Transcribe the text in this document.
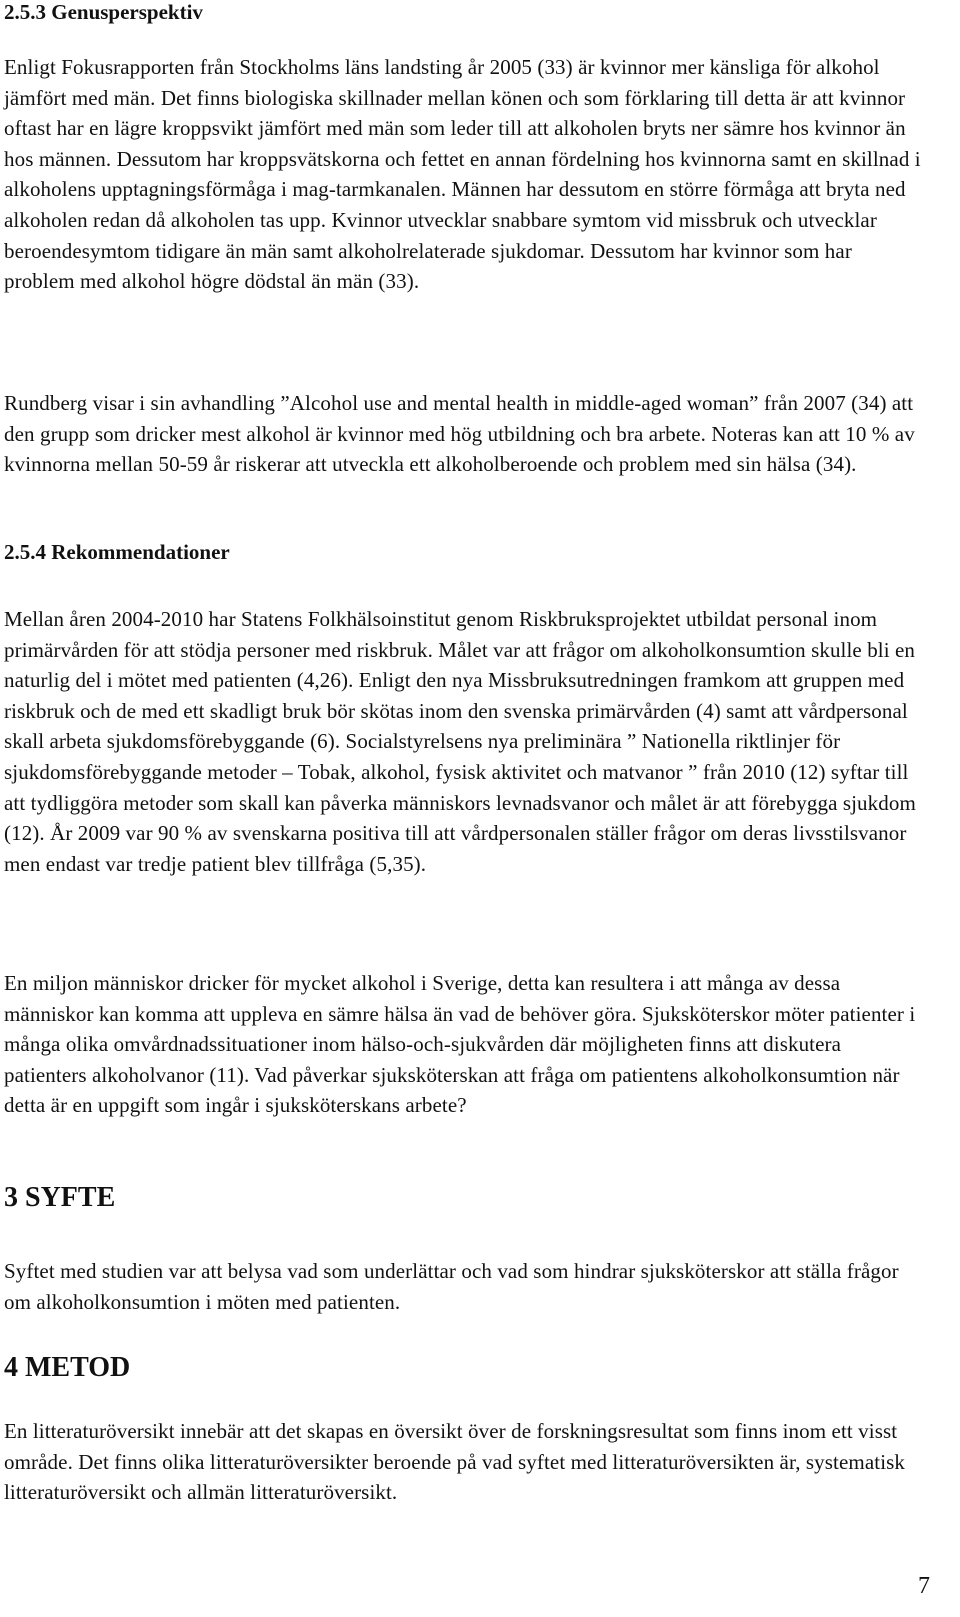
2.5.3 Genusperspektiv

Enligt Fokusrapporten från Stockholms läns landsting år 2005 (33) är kvinnor mer känsliga för alkohol jämfört med män. Det finns biologiska skillnader mellan könen och som förklaring till detta är att kvinnor oftast har en lägre kroppsvikt jämfört med män som leder till att alkoholen bryts ner sämre hos kvinnor än hos männen. Dessutom har kroppsvätskorna och fettet en annan fördelning hos kvinnorna samt en skillnad i alkoholens upptagningsförmåga i mag-tarmkanalen. Männen har dessutom en större förmåga att bryta ned alkoholen redan då alkoholen tas upp. Kvinnor utvecklar snabbare symtom vid missbruk och utvecklar beroendesymtom tidigare än män samt alkoholrelaterade sjukdomar. Dessutom har kvinnor som har problem med alkohol högre dödstal än män (33).

Rundberg visar i sin avhandling ”Alcohol use and mental health in middle-aged woman” från 2007 (34) att den grupp som dricker mest alkohol är kvinnor med hög utbildning och bra arbete. Noteras kan att 10 % av kvinnorna mellan 50-59 år riskerar att utveckla ett alkoholberoende och problem med sin hälsa (34).

2.5.4 Rekommendationer

Mellan åren 2004-2010 har Statens Folkhälsoinstitut genom Riskbruksprojektet utbildat personal inom primärvården för att stödja personer med riskbruk. Målet var att frågor om alkoholkonsumtion skulle bli en naturlig del i mötet med patienten (4,26). Enligt den nya Missbruksutredningen framkom att gruppen med riskbruk och de med ett skadligt bruk bör skötas inom den svenska primärvården (4) samt att vårdpersonal skall arbeta sjukdomsförebyggande (6). Socialstyrelsens nya preliminära ” Nationella riktlinjer för sjukdomsförebyggande metoder – Tobak, alkohol, fysisk aktivitet och matvanor ” från 2010 (12) syftar till att tydliggöra metoder som skall kan påverka människors levnadsvanor och målet är att förebygga sjukdom (12). År 2009 var 90 % av svenskarna positiva till att vårdpersonalen ställer frågor om deras livsstilsvanor men endast var tredje patient blev tillfråga (5,35).

En miljon människor dricker för mycket alkohol i Sverige, detta kan resultera i att många av dessa människor kan komma att uppleva en sämre hälsa än vad de behöver göra. Sjuksköterskor möter patienter i många olika omvårdnadssituationer inom hälso-och-sjukvården där möjligheten finns att diskutera patienters alkoholvanor (11). Vad påverkar sjuksköterskan att fråga om patientens alkoholkonsumtion när detta är en uppgift som ingår i sjuksköterskans arbete?

3 SYFTE

Syftet med studien var att belysa vad som underlättar och vad som hindrar sjuksköterskor att ställa frågor om alkoholkonsumtion i möten med patienten.

4 METOD

En litteraturöversikt innebär att det skapas en översikt över de forskningsresultat som finns inom ett visst område. Det finns olika litteraturöversikter beroende på vad syftet med litteraturöversikten är, systematisk litteraturöversikt och allmän litteraturöversikt.

7
